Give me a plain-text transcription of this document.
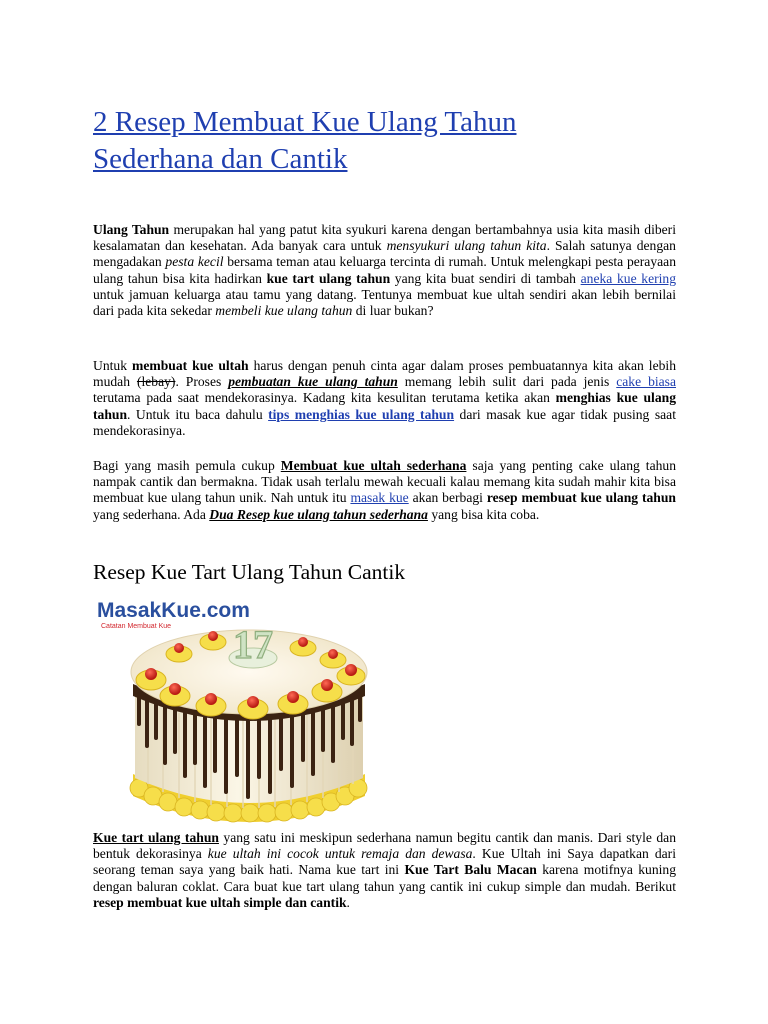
2 Resep Membuat Kue Ulang Tahun
Sederhana dan Cantik

Ulang Tahun merupakan hal yang patut kita syukuri karena dengan bertambahnya usia kita masih diberi kesalamatan dan kesehatan. Ada banyak cara untuk mensyukuri ulang tahun kita. Salah satunya dengan mengadakan pesta kecil bersama teman atau keluarga tercinta di rumah. Untuk melengkapi pesta perayaan ulang tahun bisa kita hadirkan kue tart ulang tahun yang kita buat sendiri di tambah aneka kue kering untuk jamuan keluarga atau tamu yang datang. Tentunya membuat kue ultah sendiri akan lebih bernilai dari pada kita sekedar membeli kue ulang tahun di luar bukan?

Untuk membuat kue ultah harus dengan penuh cinta agar dalam proses pembuatannya kita akan lebih mudah (lebay). Proses pembuatan kue ulang tahun memang lebih sulit dari pada jenis cake biasa terutama pada saat mendekorasinya. Kadang kita kesulitan terutama ketika akan menghias kue ulang tahun. Untuk itu baca dahulu tips menghias kue ulang tahun dari masak kue agar tidak pusing saat mendekorasinya.

Bagi yang masih pemula cukup Membuat kue ultah sederhana saja yang penting cake ulang tahun nampak cantik dan bermakna. Tidak usah terlalu mewah kecuali kalau memang kita sudah mahir kita bisa membuat kue ulang tahun unik. Nah untuk itu masak kue akan berbagi resep membuat kue ulang tahun yang sederhana. Ada Dua Resep kue ulang tahun sederhana yang bisa kita coba.

Resep Kue Tart Ulang Tahun Cantik
MasakKue.com
Catatan Membuat Kue 17

Kue tart ulang tahun yang satu ini meskipun sederhana namun begitu cantik dan manis. Dari style dan bentuk dekorasinya kue ultah ini cocok untuk remaja dan dewasa. Kue Ultah ini Saya dapatkan dari seorang teman saya yang baik hati. Nama kue tart ini Kue Tart Balu Macan karena motifnya kuning dengan baluran coklat. Cara buat kue tart ulang tahun yang cantik ini cukup simple dan mudah. Berikut resep membuat kue ultah simple dan cantik.
